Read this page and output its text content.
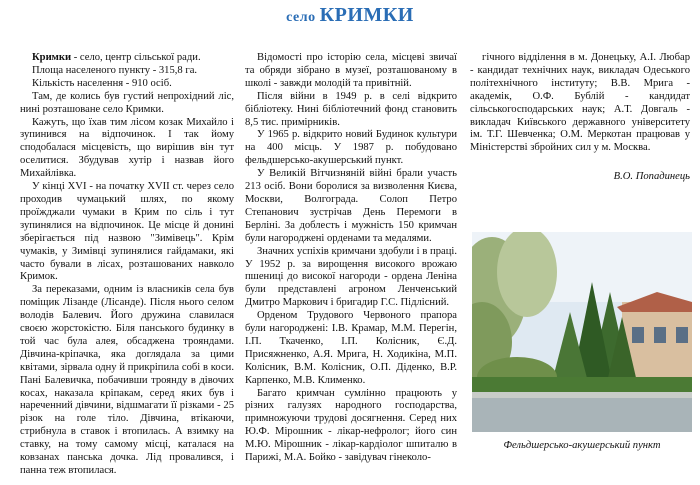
село КРИМКИ

Кримки - село, центр сільської ради.

Площа населеного пункту - 315,8 га.

Кількість населення - 910 осіб.

Там, де колись був густий непрохідний ліс, нині розташоване село Кримки.

Кажуть, що їхав тим лісом козак Михайло і зупинився на відпочинок. І так йому сподобалася місцевість, що вирішив він тут оселитися. Збудував хутір і назвав його Михайлівка.

У кінці XVI - на початку XVII ст. через село проходив чумацький шлях, по якому проїжджали чумаки в Крим по сіль і тут зупинялися на відпочинок. Це місце й донині зберігається під назвою "Зимівець". Крім чумаків, у Зимівці зупинялися гайдамаки, які часто бували в лісах, розташованих навколо Кримок.

За переказами, одним із власників села був поміщик Лізанде (Лісанде). Після нього селом володів Балевич. Його дружина славилася своєю жорстокістю. Біля панського будинку в той час була алея, обсаджена трояндами. Дівчина-кріпачка, яка доглядала за цими квітами, зірвала одну й прикріпила собі в коси. Пані Балевичка, побачивши троянду в дівочих косах, наказала кріпакам, серед яких був і нареченний дівчини, відшмагати її різками - 25 різок на голе тіло. Дівчина, втікаючи, стрибнула в ставок і втопилась. А взимку на ставку, на тому самому місці, каталася на ковзанах панська дочка. Лід провалився, і панна теж втопилася.

Відомості про історію села, місцеві звичаї та обряди зібрано в музеї, розташованому в школі - завжди молодій та привітній.

Після війни в 1949 р. в селі відкрито бібліотеку. Нині бібліотечний фонд становить 8,5 тис. примірників.

У 1965 р. відкрито новий Будинок культури на 400 місць. У 1987 р. побудовано фельдшерсько-акушерський пункт.

У Великій Вітчизняній війні брали участь 213 осіб. Вони боролися за визволення Києва, Москви, Волгограда. Солоп Петро Степанович зустрічав День Перемоги в Берліні. За доблесть і мужність 150 кримчан були нагороджені орденами та медалями.

Значних успіхів кримчани здобули і в праці. У 1952 р. за вирощення високого врожаю пшениці до високої нагороди - ордена Леніна були представлені агроном Ленченський Дмитро Маркович і бригадир Г.С. Підлісний.

Орденом Трудового Червоного прапора були нагороджені: І.В. Крамар, М.М. Перегін, І.П. Ткаченко, І.П. Колісник, Є.Д. Присяжненко, А.Я. Мрига, Н. Ходикіна, М.П. Колісник, В.М. Колісник, О.П. Діденко, В.Р. Карпенко, М.В. Клименко.

Багато кримчан сумлінно працюють у різних галузях народного господарства, примножуючи трудові досягнення. Серед них Ю.Ф. Мірошник - лікар-нефролог; його син М.Ю. Мірошник - лікар-кардіолог шпиталю в Парижі, М.А. Бойко - завідувач гінеколо-

гічного відділення в м. Донецьку, А.І. Любар - кандидат технічних наук, викладач Одеського політехнічного інституту; В.В. Мрига - академік, О.Ф. Бублій - кандидат сільськогосподарських наук; А.Т. Довгаль - викладач Київського державного університету ім. Т.Г. Шевченка; О.М. Меркотан працював у Міністерстві збройних сил у м. Москва.

В.О. Попадинець
Фельдшерсько-акушерський пункт
